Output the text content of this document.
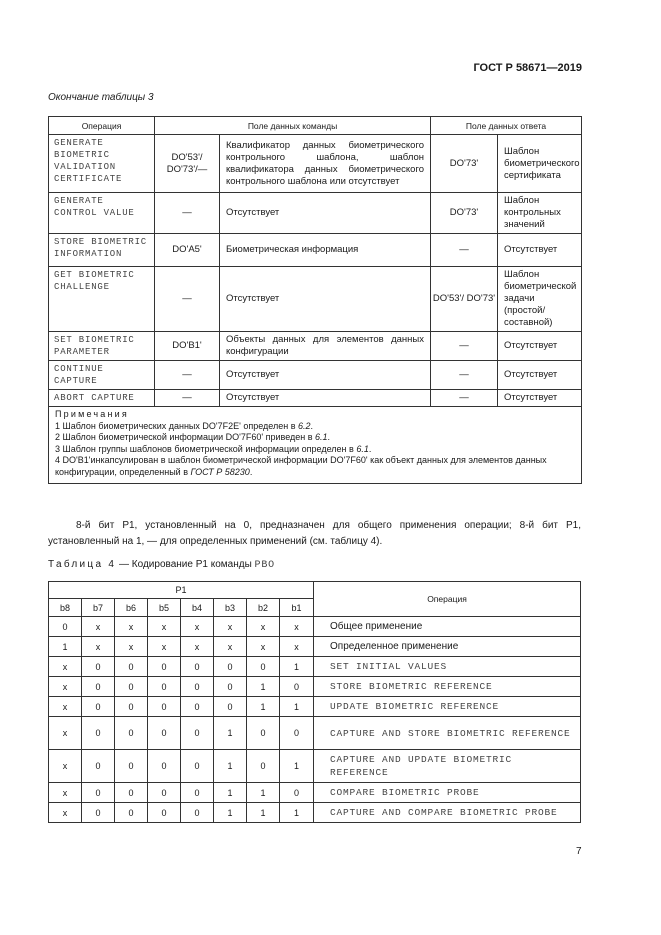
ГОСТ Р 58671—2019
Окончание таблицы 3
Операция	Поле данных команды		Поле данных ответа	
GENERATE BIOMETRIC VALIDATION CERTIFICATE	DO'53'/ DO'73'/—	Квалификатор данных биометрического контрольного шаблона, шаблон квалификатора данных биометрического контрольного шаблона или отсутствует	DO'73'	Шаблон биометрического сертификата
GENERATE CONTROL VALUE	—	Отсутствует	DO'73'	Шаблон контрольных значений
STORE BIOMETRIC INFORMATION	DO'A5'	Биометрическая информация	—	Отсутствует
GET BIOMETRIC CHALLENGE	—	Отсутствует	DO'53'/ DO'73'	Шаблон биометрической задачи (простой/составной)
SET BIOMETRIC PARAMETER	DO'B1'	Объекты данных для элементов данных конфигурации	—	Отсутствует
CONTINUE CAPTURE	—	Отсутствует	—	Отсутствует
ABORT CAPTURE	—	Отсутствует	—	Отсутствует

Примечания
1 Шаблон биометрических данных DO'7F2E' определен в 6.2.
2 Шаблон биометрической информации DO'7F60' приведен в 6.1.
3 Шаблон группы шаблонов биометрической информации определен в 6.1.
4 DO'B1'инкапсулирован в шаблон биометрической информации DO'7F60' как объект данных для элементов данных конфигурации, определенный в ГОСТ Р 58230.				
8-й бит P1, установленный на 0, предназначен для общего применения операции; 8-й бит P1, установленный на 1, — для определенных применений (см. таблицу 4).
Таблица 4 — Кодирование P1 команды PBO
P1								Операция
b8	b7	b6	b5	b4	b3	b2	b1	
0	x	x	x	x	x	x	x	Общее применение
1	x	x	x	x	x	x	x	Определенное применение
x	0	0	0	0	0	0	1	SET INITIAL VALUES
x	0	0	0	0	0	1	0	STORE BIOMETRIC REFERENCE
x	0	0	0	0	0	1	1	UPDATE BIOMETRIC REFERENCE
x	0	0	0	0	1	0	0	CAPTURE AND STORE BIOMETRIC REFERENCE
x	0	0	0	0	1	0	1	CAPTURE AND UPDATE BIOMETRIC REFERENCE
x	0	0	0	0	1	1	0	COMPARE BIOMETRIC PROBE
x	0	0	0	0	1	1	1	CAPTURE AND COMPARE BIOMETRIC PROBE
7
